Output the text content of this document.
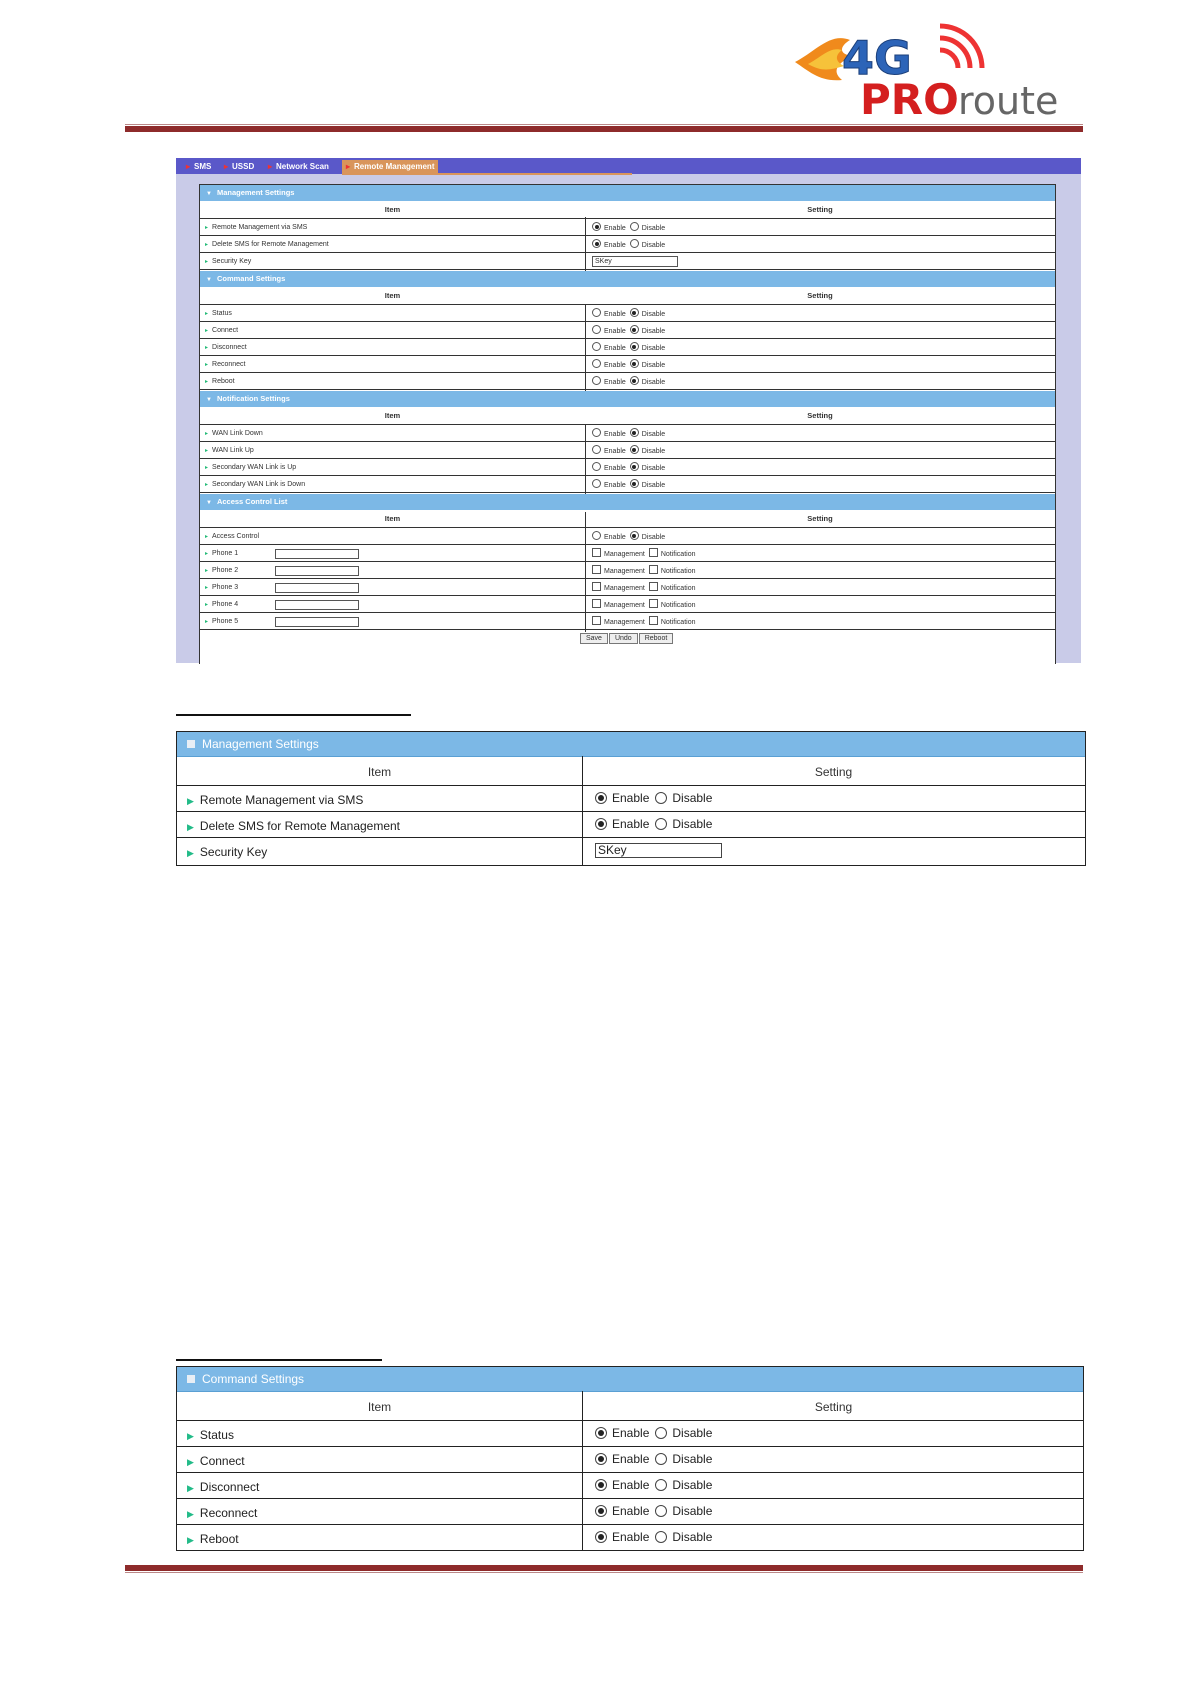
4G
PRO route
▸ SMS ▸ USSD ▸ Network Scan	▸ Remote Management
▼ Management Settings
Item	Setting
▸ Remote Management via SMS	Enable Disable
▸ Delete SMS for Remote Management	Enable Disable
▸ Security Key	SKey
▼ Command Settings
Item	Setting
▸ Status	Enable Disable
▸ Connect	Enable Disable
▸ Disconnect	Enable Disable
▸ Reconnect	Enable Disable
▸ Reboot	Enable Disable
▼ Notification Settings
Item	Setting
▸ WAN Link Down	Enable Disable
▸ WAN Link Up	Enable Disable
▸ Secondary WAN Link is Up	Enable Disable
▸ Secondary WAN Link is Down	Enable Disable
▼ Access Control List
Item	Setting
▸ Access Control	Enable Disable
▸ Phone 1	Management Notification
▸ Phone 2	Management Notification
▸ Phone 3	Management Notification
▸ Phone 4	Management Notification
▸ Phone 5	Management Notification
Save Undo Reboot
Management Settings
Item	Setting
▶ Remote Management via SMS	Enable Disable
▶ Delete SMS for Remote Management	Enable Disable
▶ Security Key	SKey
Command Settings
Item	Setting
▶ Status	Enable Disable
▶ Connect	Enable Disable
▶ Disconnect	Enable Disable
▶ Reconnect	Enable Disable
▶ Reboot	Enable Disable
